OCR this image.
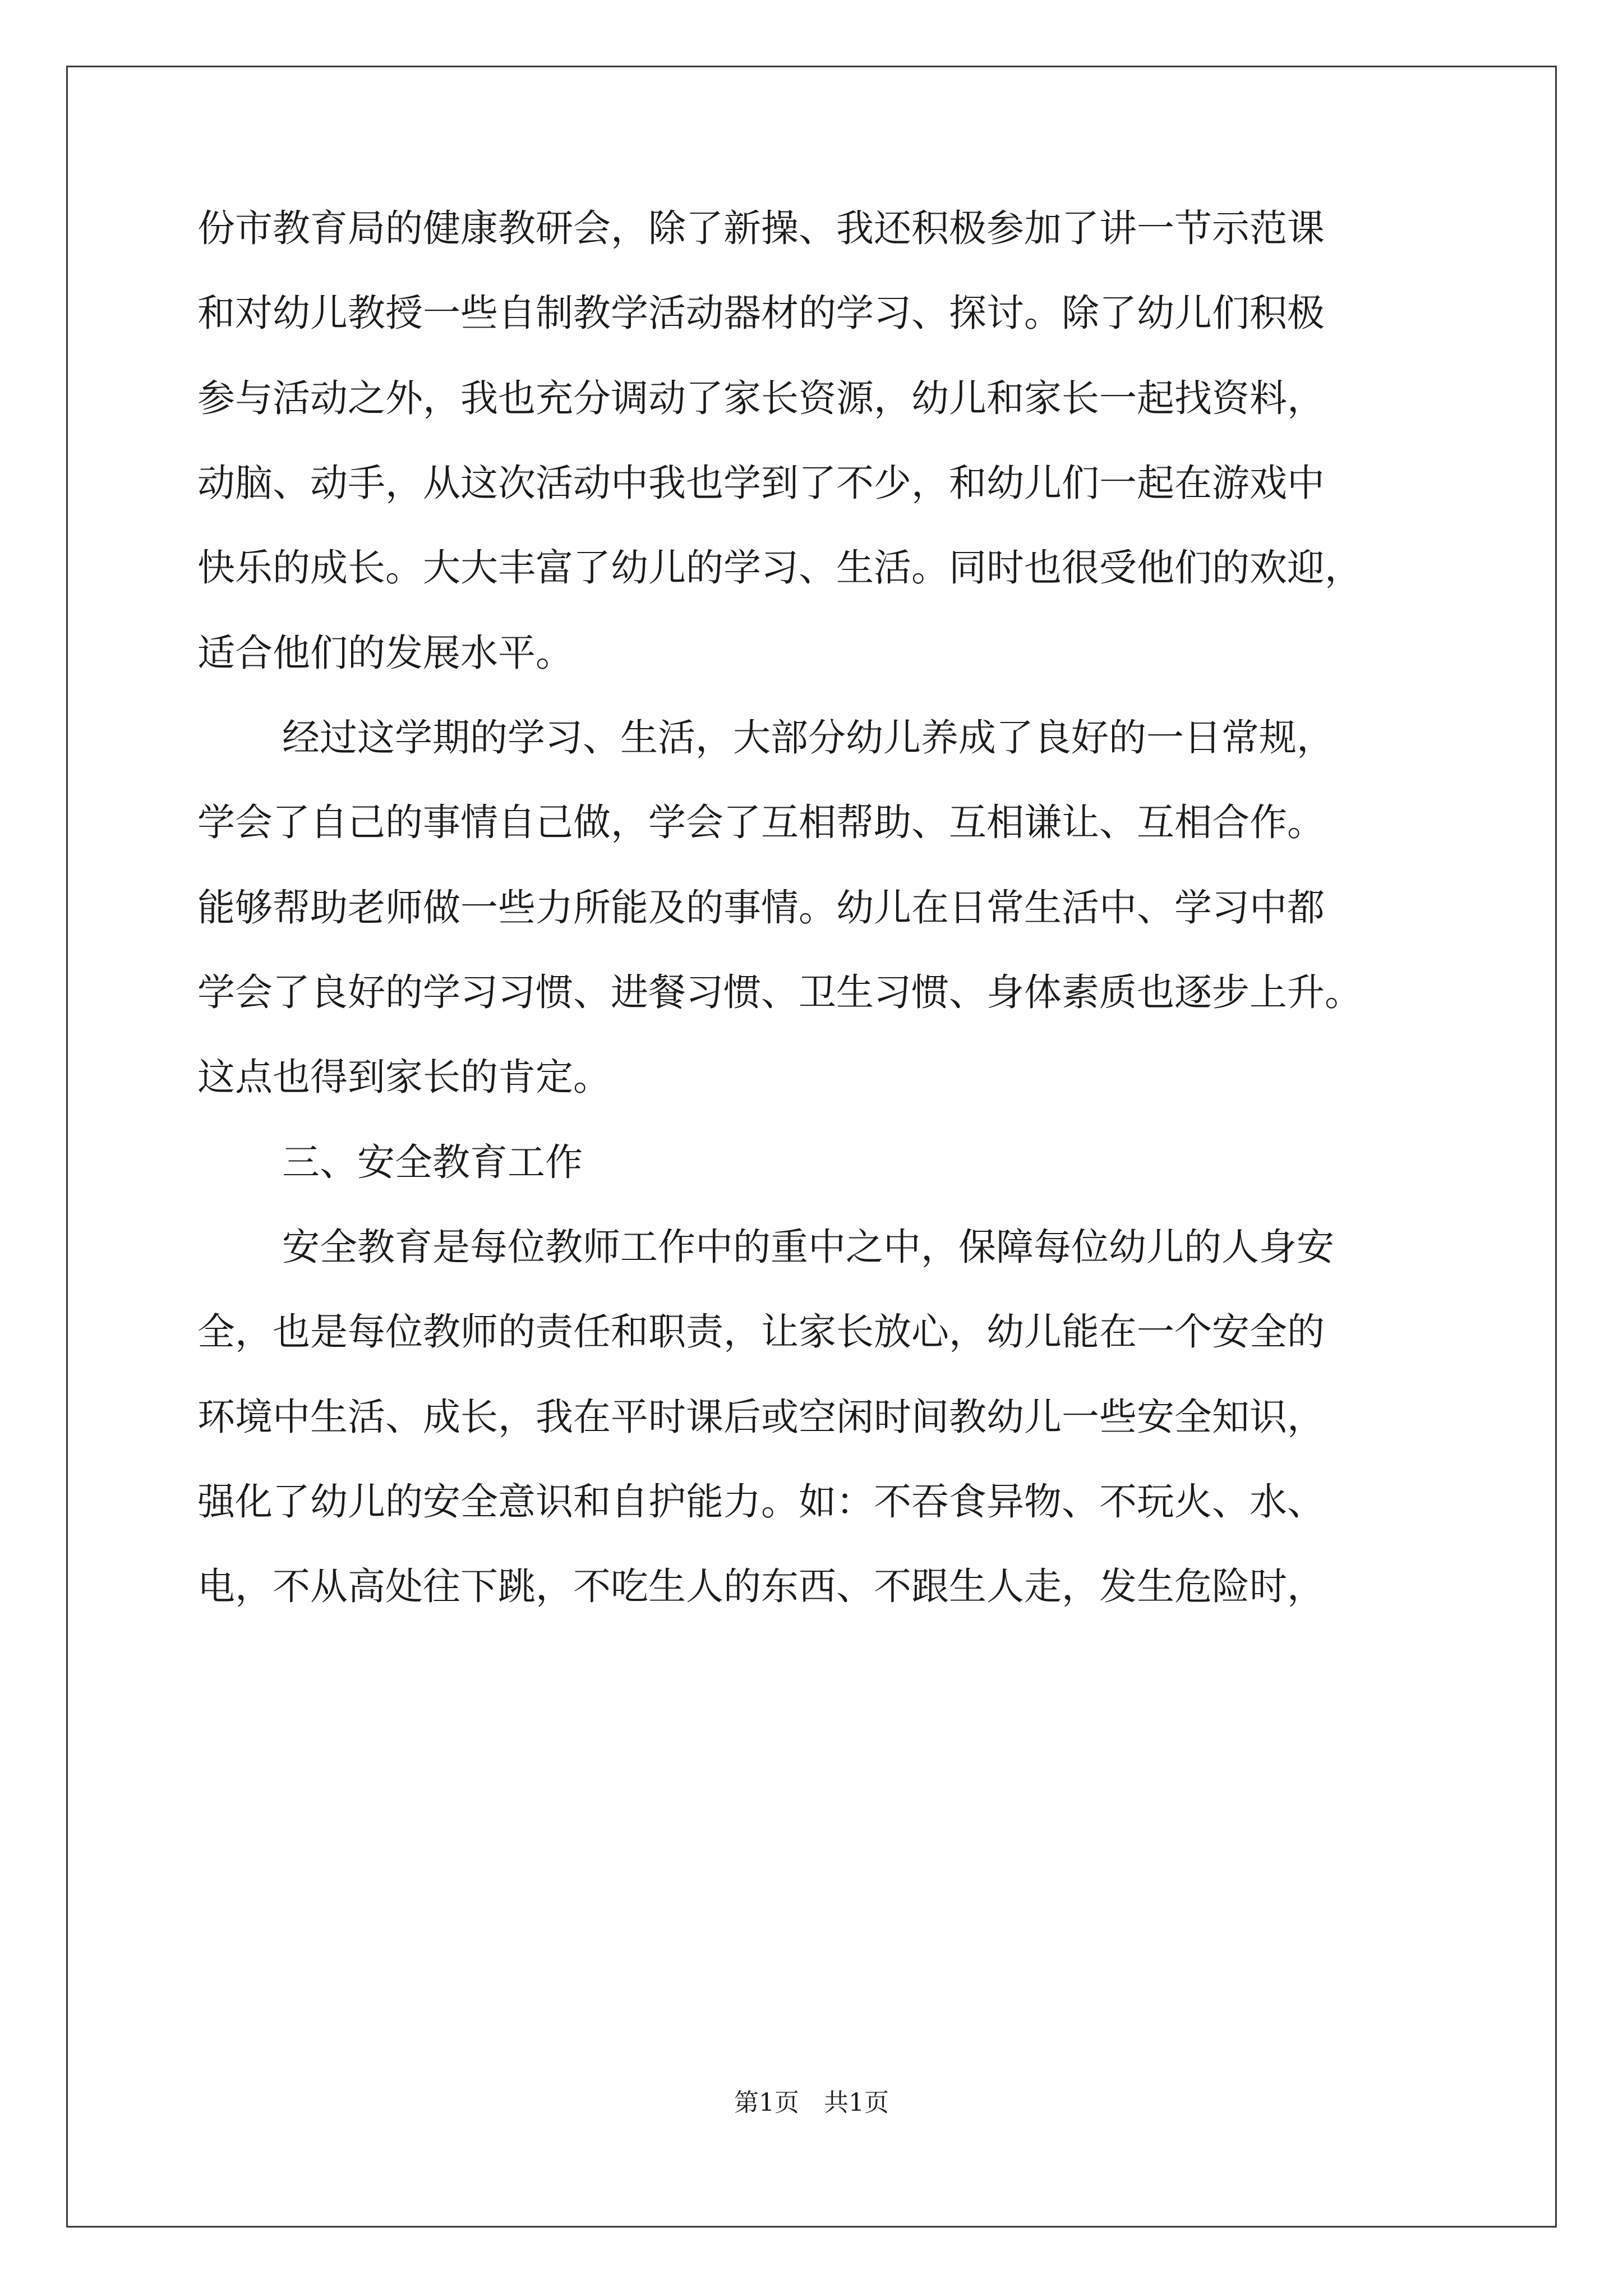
份市教育局的健康教研会，除了新操、我还积极参加了讲一节示范课

和对幼儿教授一些自制教学活动器材的学习、探讨。除了幼儿们积极

参与活动之外，我也充分调动了家长资源，幼儿和家长一起找资料，

动脑、动手，从这次活动中我也学到了不少，和幼儿们一起在游戏中

快乐的成长。大大丰富了幼儿的学习、生活。同时也很受他们的欢迎，

适合他们的发展水平。

经过这学期的学习、生活，大部分幼儿养成了良好的一日常规，

学会了自己的事情自己做，学会了互相帮助、互相谦让、互相合作。

能够帮助老师做一些力所能及的事情。幼儿在日常生活中、学习中都

学会了良好的学习习惯、进餐习惯、卫生习惯、身体素质也逐步上升。

这点也得到家长的肯定。

三、安全教育工作

安全教育是每位教师工作中的重中之中，保障每位幼儿的人身安

全，也是每位教师的责任和职责，让家长放心，幼儿能在一个安全的

环境中生活、成长，我在平时课后或空闲时间教幼儿一些安全知识，

强化了幼儿的安全意识和自护能力。如：不吞食异物、不玩火、水、

电，不从高处往下跳，不吃生人的东西、不跟生人走，发生危险时，

第1页　共1页
